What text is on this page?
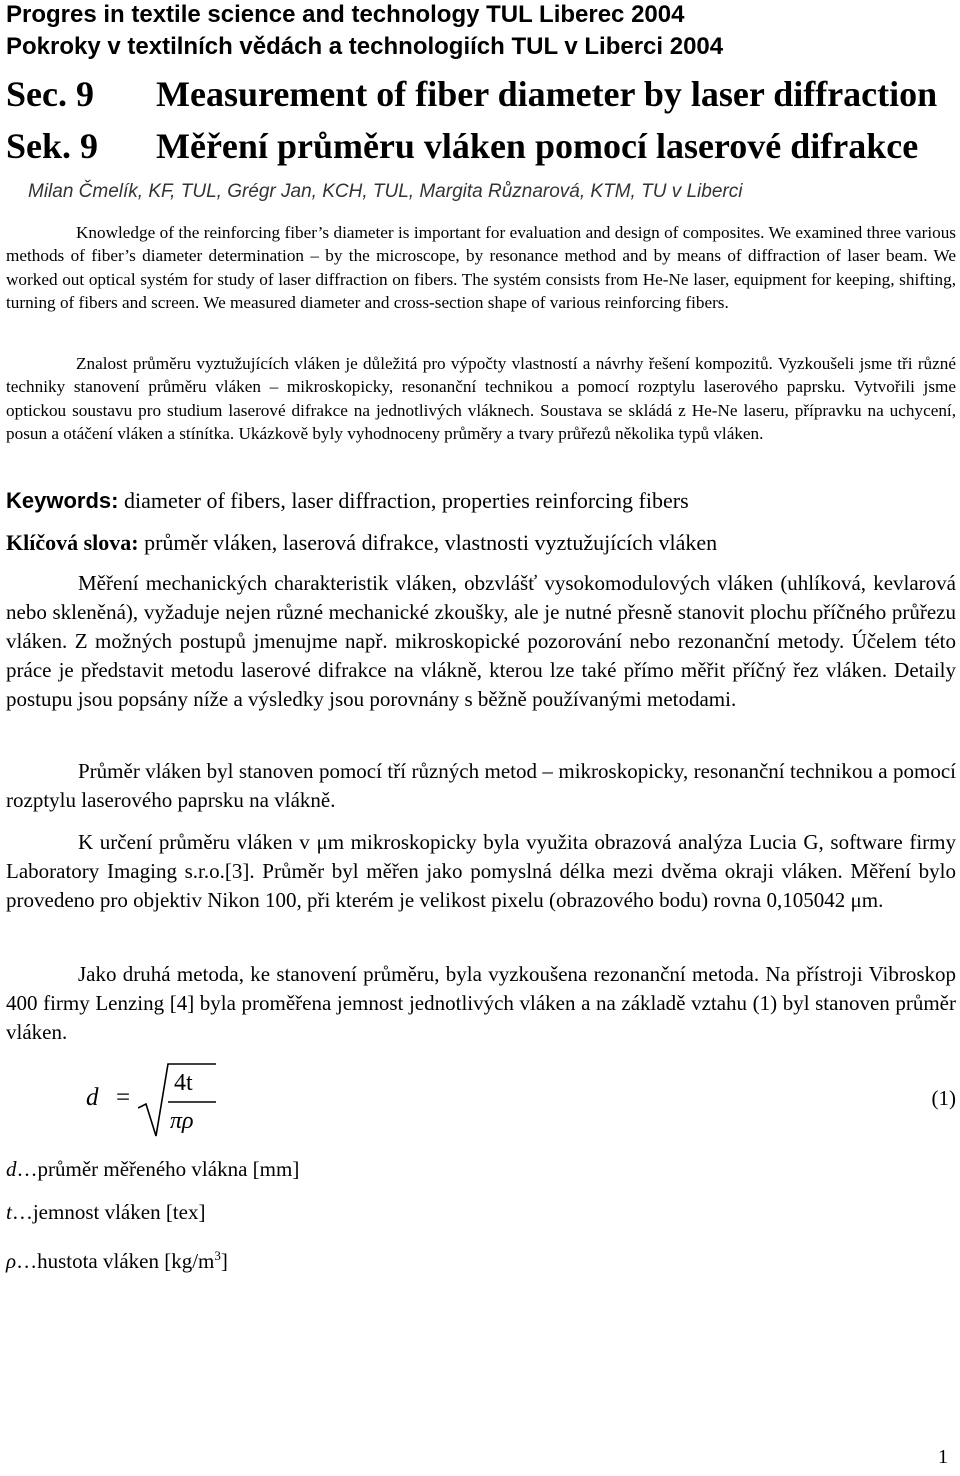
Progres in textile science and technology TUL Liberec 2004
Pokroky v textilních vědách a technologiích TUL v Liberci 2004
Sec. 9 Measurement of fiber diameter by laser diffraction
Sek. 9 Měření průměru vláken pomocí laserové difrakce
Milan Čmelík, KF, TUL, Grégr Jan, KCH, TUL, Margita Různarová, KTM, TU v Liberci

Knowledge of the reinforcing fiber’s diameter is important for evaluation and design of composites. We examined three various methods of fiber’s diameter determination – by the microscope, by resonance method and by means of diffraction of laser beam. We worked out optical systém for study of laser diffraction on fibers. The systém consists from He-Ne laser, equipment for keeping, shifting, turning of fibers and screen. We measured diameter and cross-section shape of various reinforcing fibers.

Znalost průměru vyztužujících vláken je důležitá pro výpočty vlastností a návrhy řešení kompozitů. Vyzkoušeli jsme tři různé techniky stanovení průměru vláken – mikroskopicky, resonanční technikou a pomocí rozptylu laserového paprsku. Vytvořili jsme optickou soustavu pro studium laserové difrakce na jednotlivých vláknech. Soustava se skládá z He-Ne laseru, přípravku na uchycení, posun a otáčení vláken a stínítka. Ukázkově byly vyhodnoceny průměry a tvary průřezů několika typů vláken.

Keywords: diameter of fibers, laser diffraction, properties reinforcing fibers
Klíčová slova: průměr vláken, laserová difrakce, vlastnosti vyztužujících vláken

Měření mechanických charakteristik vláken, obzvlášť vysokomodulových vláken (uhlíková, kevlarová nebo skleněná), vyžaduje nejen různé mechanické zkoušky, ale je nutné přesně stanovit plochu příčného průřezu vláken. Z možných postupů jmenujme např. mikroskopické pozorování nebo rezonanční metody. Účelem této práce je představit metodu laserové difrakce na vlákně, kterou lze také přímo měřit příčný řez vláken. Detaily postupu jsou popsány níže a výsledky jsou porovnány s běžně používanými metodami.

Průměr vláken byl stanoven pomocí tří různých metod – mikroskopicky, resonanční technikou a pomocí rozptylu laserového paprsku na vlákně.

K určení průměru vláken v μm mikroskopicky byla využita obrazová analýza Lucia G, software firmy Laboratory Imaging s.r.o.[3]. Průměr byl měřen jako pomyslná délka mezi dvěma okraji vláken. Měření bylo provedeno pro objektiv Nikon 100, při kterém je velikost pixelu (obrazového bodu) rovna 0,105042 μm.

Jako druhá metoda, ke stanovení průměru, byla vyzkoušena rezonanční metoda. Na přístroji Vibroskop 400 firmy Lenzing [4] byla proměřena jemnost jednotlivých vláken a na základě vztahu (1) byl stanoven průměr vláken.

d =
4t
πρ
(1)
d…průměr měřeného vlákna [mm]
t…jemnost vláken [tex]
ρ…hustota vláken $[kg/m^3]$
1
